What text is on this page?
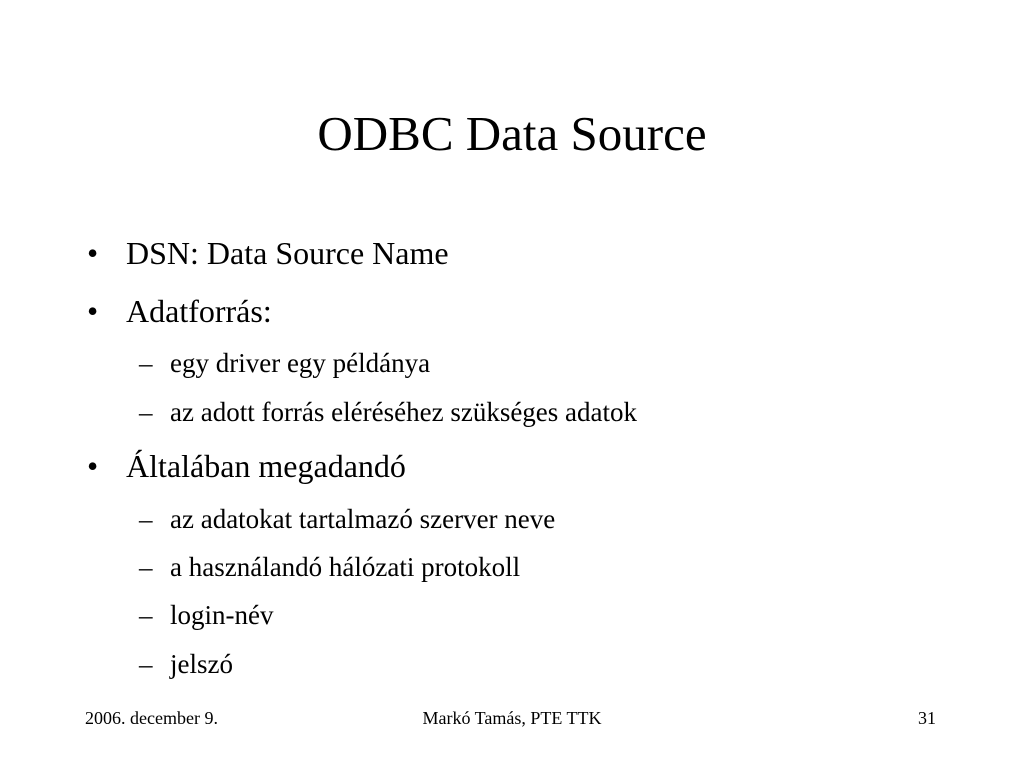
ODBC Data Source
• DSN: Data Source Name
• Adatforrás:
– egy driver egy példánya
– az adott forrás eléréséhez szükséges adatok
• Általában megadandó
– az adatokat tartalmazó szerver neve
– a használandó hálózati protokoll
– login-név
– jelszó
2006. december 9.	Markó Tamás, PTE TTK	31
